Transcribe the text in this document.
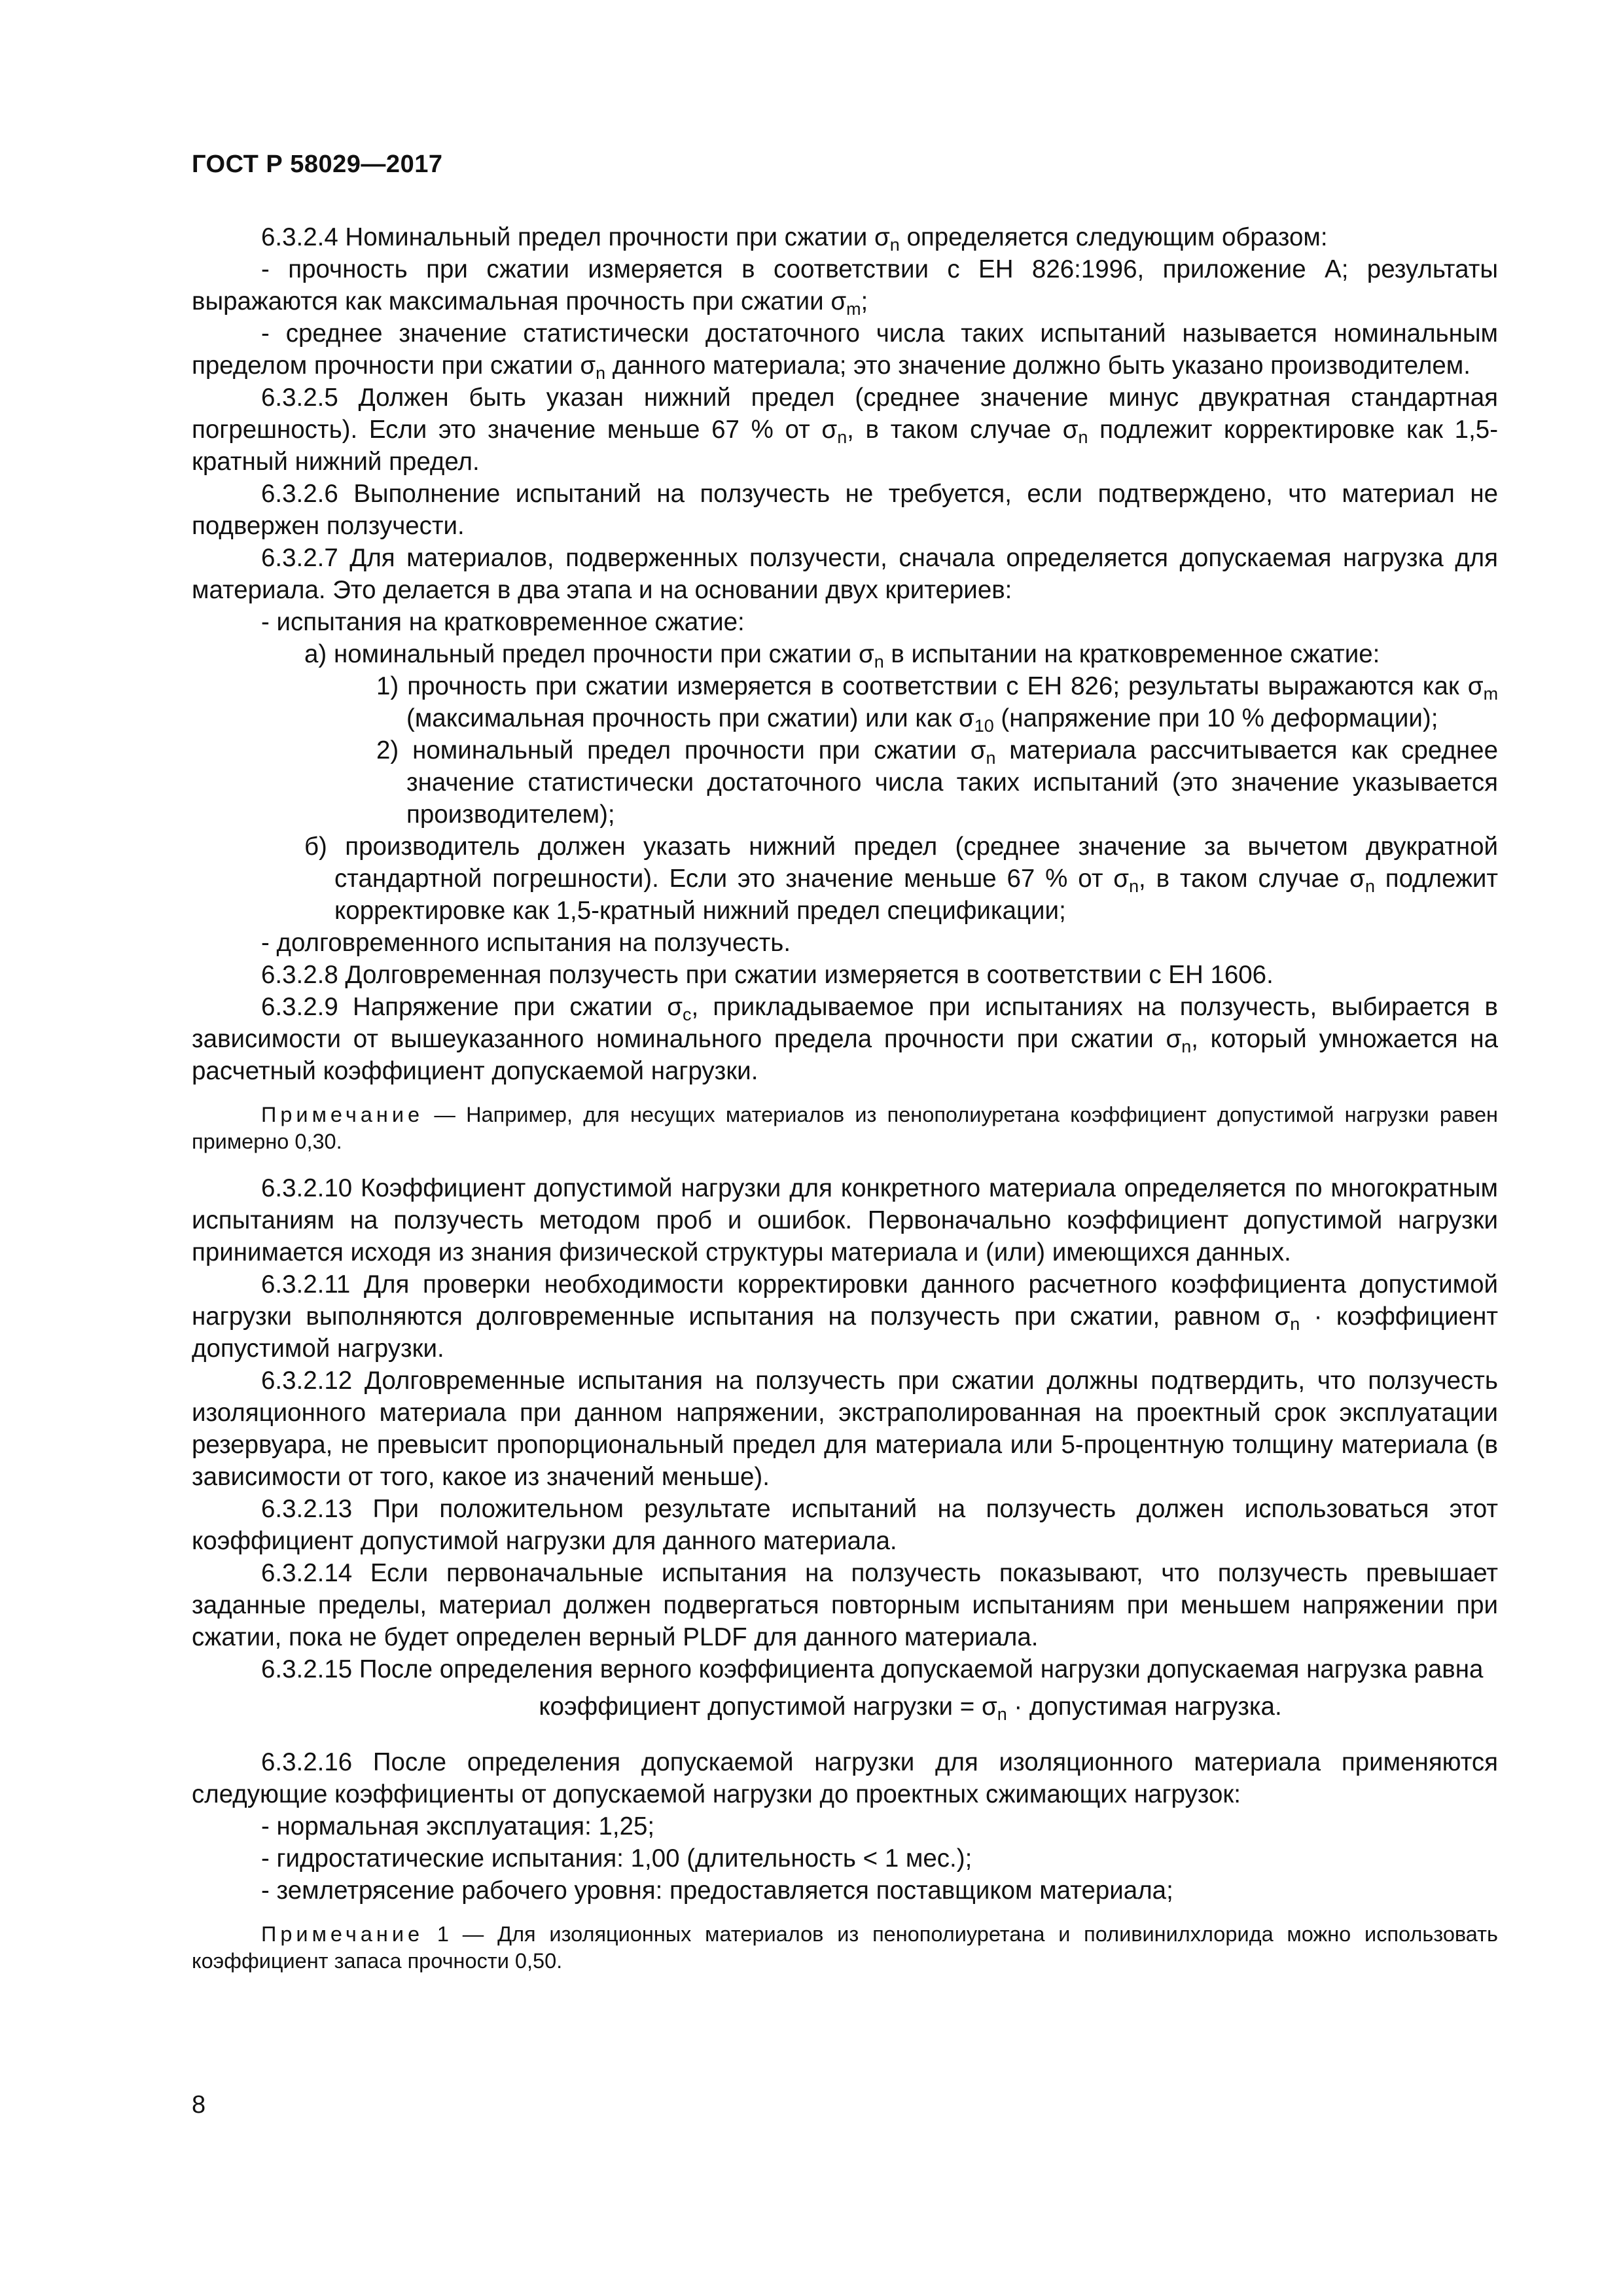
ГОСТ Р 58029—2017

6.3.2.4 Номинальный предел прочности при сжатии $\sigma_n$ определяется следующим образом:

- прочность при сжатии измеряется в соответствии с ЕН 826:1996, приложение А; результаты выражаются как максимальная прочность при сжатии $\sigma_m$;

- среднее значение статистически достаточного числа таких испытаний называется номинальным пределом прочности при сжатии $\sigma_n$ данного материала; это значение должно быть указано производителем.

6.3.2.5 Должен быть указан нижний предел (среднее значение минус двукратная стандартная погрешность). Если это значение меньше 67 % от $\sigma_n$, в таком случае $\sigma_n$ подлежит корректировке как 1,5-кратный нижний предел.

6.3.2.6 Выполнение испытаний на ползучесть не требуется, если подтверждено, что материал не подвержен ползучести.

6.3.2.7 Для материалов, подверженных ползучести, сначала определяется допускаемая нагрузка для материала. Это делается в два этапа и на основании двух критериев:

- испытания на кратковременное сжатие:

а) номинальный предел прочности при сжатии $\sigma_n$ в испытании на кратковременное сжатие:

1) прочность при сжатии измеряется в соответствии с ЕН 826; результаты выражаются как $\sigma_m$ (максимальная прочность при сжатии) или как $\sigma_{10}$ (напряжение при 10 % деформации);

2) номинальный предел прочности при сжатии $\sigma_n$ материала рассчитывается как среднее значение статистически достаточного числа таких испытаний (это значение указывается производителем);

б) производитель должен указать нижний предел (среднее значение за вычетом двукратной стандартной погрешности). Если это значение меньше 67 % от $\sigma_n$, в таком случае $\sigma_n$ подлежит корректировке как 1,5-кратный нижний предел спецификации;

- долговременного испытания на ползучесть.

6.3.2.8 Долговременная ползучесть при сжатии измеряется в соответствии с ЕН 1606.

6.3.2.9 Напряжение при сжатии $\sigma_c$, прикладываемое при испытаниях на ползучесть, выбирается в зависимости от вышеуказанного номинального предела прочности при сжатии $\sigma_n$, который умножается на расчетный коэффициент допускаемой нагрузки.

Примечание — Например, для несущих материалов из пенополиуретана коэффициент допустимой нагрузки равен примерно 0,30.

6.3.2.10 Коэффициент допустимой нагрузки для конкретного материала определяется по многократным испытаниям на ползучесть методом проб и ошибок. Первоначально коэффициент допустимой нагрузки принимается исходя из знания физической структуры материала и (или) имеющихся данных.

6.3.2.11 Для проверки необходимости корректировки данного расчетного коэффициента допустимой нагрузки выполняются долговременные испытания на ползучесть при сжатии, равном $\sigma_n$ · коэффициент допустимой нагрузки.

6.3.2.12 Долговременные испытания на ползучесть при сжатии должны подтвердить, что ползучесть изоляционного материала при данном напряжении, экстраполированная на проектный срок эксплуатации резервуара, не превысит пропорциональный предел для материала или 5-процентную толщину материала (в зависимости от того, какое из значений меньше).

6.3.2.13 При положительном результате испытаний на ползучесть должен использоваться этот коэффициент допустимой нагрузки для данного материала.

6.3.2.14 Если первоначальные испытания на ползучесть показывают, что ползучесть превышает заданные пределы, материал должен подвергаться повторным испытаниям при меньшем напряжении при сжатии, пока не будет определен верный PLDF для данного материала.

6.3.2.15 После определения верного коэффициента допускаемой нагрузки допускаемая нагрузка равна

коэффициент допустимой нагрузки = $\sigma_n$ · допустимая нагрузка.

6.3.2.16 После определения допускаемой нагрузки для изоляционного материала применяются следующие коэффициенты от допускаемой нагрузки до проектных сжимающих нагрузок:

- нормальная эксплуатация: 1,25;

- гидростатические испытания: 1,00 (длительность < 1 мес.);

- землетрясение рабочего уровня: предоставляется поставщиком материала;

Примечание 1 — Для изоляционных материалов из пенополиуретана и поливинилхлорида можно использовать коэффициент запаса прочности 0,50.

8
